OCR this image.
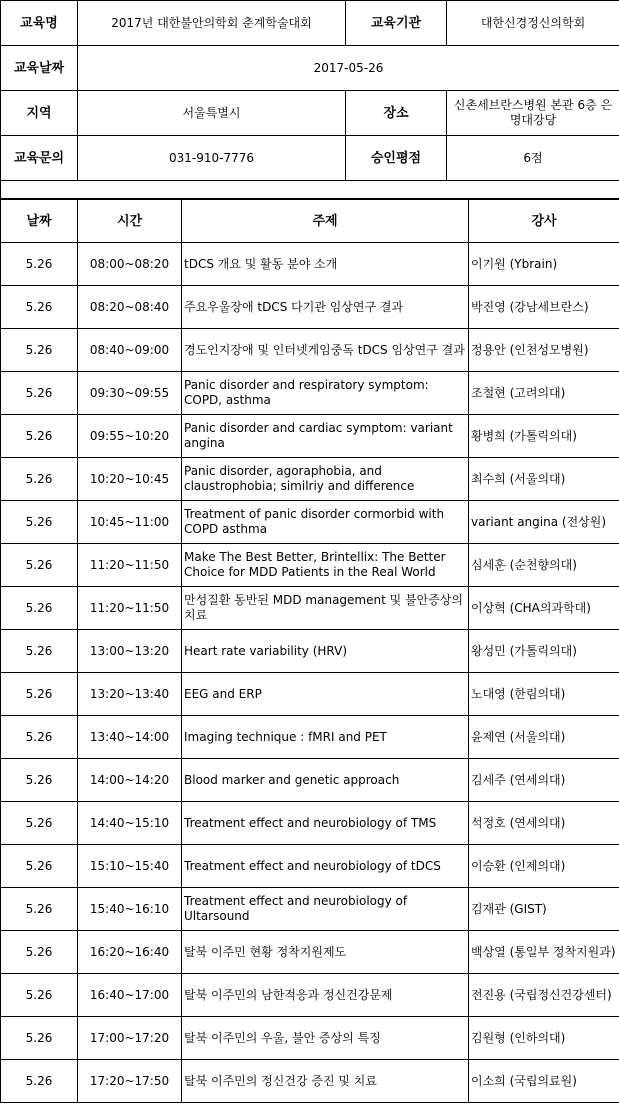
교육명	2017년 대한불안의학회 춘계학술대회	교육기관	대한신경정신의학회
교육날짜	2017-05-26		
지역	서울특별시	장소	신촌세브란스병원 본관 6층 은명대강당
교육문의	031-910-7776	승인평점	6점

날짜	시간	주제	강사
5.26	08:00~08:20	tDCS 개요 및 활동 분야 소개	이기원 (Ybrain)
5.26	08:20~08:40	주요우울장애 tDCS 다기관 임상연구 결과	박진영 (강남세브란스)
5.26	08:40~09:00	경도인지장애 및 인터넷게임중독 tDCS 임상연구 결과	정용안 (인천성모병원)
5.26	09:30~09:55	Panic disorder and respiratory symptom: COPD, asthma	조철현 (고려의대)
5.26	09:55~10:20	Panic disorder and cardiac symptom: variant angina	황병희 (가톨릭의대)
5.26	10:20~10:45	Panic disorder, agoraphobia, and claustrophobia; similriy and difference	최수희 (서울의대)
5.26	10:45~11:00	Treatment of panic disorder cormorbid with COPD asthma	variant angina (전상원)
5.26	11:20~11:50	Make The Best Better, Brintellix: The Better Choice for MDD Patients in the Real World	심세훈 (순천향의대)
5.26	11:20~11:50	만성질환 동반된 MDD management 및 불안증상의 치료	이상혁 (CHA의과학대)
5.26	13:00~13:20	Heart rate variability (HRV)	왕성민 (가톨릭의대)
5.26	13:20~13:40	EEG and ERP	노대영 (한림의대)
5.26	13:40~14:00	Imaging technique : fMRI and PET	윤제연 (서울의대)
5.26	14:00~14:20	Blood marker and genetic approach	김세주 (연세의대)
5.26	14:40~15:10	Treatment effect and neurobiology of TMS	석정호 (연세의대)
5.26	15:10~15:40	Treatment effect and neurobiology of tDCS	이승환 (인제의대)
5.26	15:40~16:10	Treatment effect and neurobiology of Ultarsound	김재관 (GIST)
5.26	16:20~16:40	탈북 이주민 현황 정착지원제도	백상열 (통일부 정착지원과)
5.26	16:40~17:00	탈북 이주민의 남한적응과 정신건강문제	전진용 (국립정신건강센터)
5.26	17:00~17:20	탈북 이주민의 우울, 불안 증상의 특징	김원형 (인하의대)
5.26	17:20~17:50	탈북 이주민의 정신건강 증진 및 치료	이소희 (국립의료원)
